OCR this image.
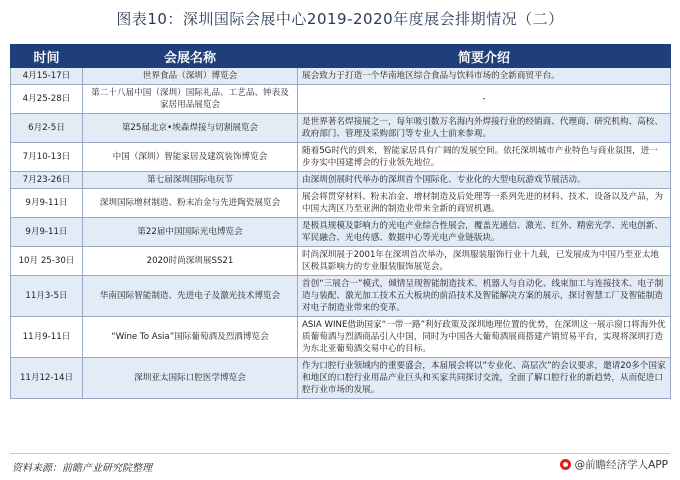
图表10：深圳国际会展中心2019-2020年度展会排期情况（二）
时间	会展名称	简要介绍
4月15-17日	世界食品（深圳）博览会	展会致力于打造一个华南地区综合食品与饮料市场的全新商贸平台。
4月25-28日	第二十八届中国（深圳）国际礼品、工艺品、钟表及家居用品展览会	-
6月2-5日	第25届北京•埃森焊接与切割展览会	是世界著名焊接展之一，每年吸引数万名海内外焊接行业的经销商、代理商、研究机构、高校、政府部门、管理及采购部门等专业人士前来参观。
7月10-13日	中国（深圳）智能家居及建筑装饰博览会	随着5G时代的到来，智能家居具有广阔的发展空间。依托深圳城市产业特色与商业氛围，进一步夯实中国建博会的行业领先地位。
7月23-26日	第七届深圳国际电玩节	由深圳创展时代举办的深圳首个国际化、专业化的大型电玩游戏节展活动。
9月9-11日	深圳国际增材制造、粉末冶金与先进陶瓷展览会	展会将贯穿材料、粉末冶金、增材制造及后处理等一系列先进的材料、技术、设备以及产品，为中国大湾区乃至亚洲的制造业带来全新的商贸机遇。
9月9-11日	第22届中国国际光电博览会	是极具规模及影响力的光电产业综合性展会，覆盖光通信、激光、红外、精密光学、光电创新、军民融合、光电传感、数据中心等光电产业链版块。
10月 25-30日	2020时尚深圳展SS21	时尚深圳展于2001年在深圳首次举办，深圳服装服饰行业十九载，已发展成为中国乃至亚太地区极具影响力的专业服装服饰展览会。
11月3-5日	华南国际智能制造、先进电子及激光技术博览会	首创“三展合一”模式，倾情呈现智能制造技术、机器人与自动化、线束加工与连接技术、电子制造与装配、激光加工技术五大板块的前沿技术及智能解决方案的展示，探讨智慧工厂及智能制造对电子制造业带来的变革。
11月9-11日	“Wine To Asia”国际葡萄酒及烈酒博览会	ASIA WINE借助国家“一带一路”利好政策及深圳地理位置的优势，在深圳这一展示窗口将海外优质葡萄酒与烈酒商品引入中国，同时为中国各大葡萄酒展商搭建产销贸易平台，实现将深圳打造为东北亚葡萄酒交易中心的目标。
11月12-14日	深圳亚太国际口腔医学博览会	作为口腔行业领域内的重要盛会，本届展会将以“专业化、高层次”的会议要求，邀请20多个国家和地区的口腔行业用品产业巨头和买家共同探讨交流，全面了解口腔行业的新趋势，从而促进口腔行业市场的发展。
资料来源：前瞻产业研究院整理	@前瞻经济学人APP
